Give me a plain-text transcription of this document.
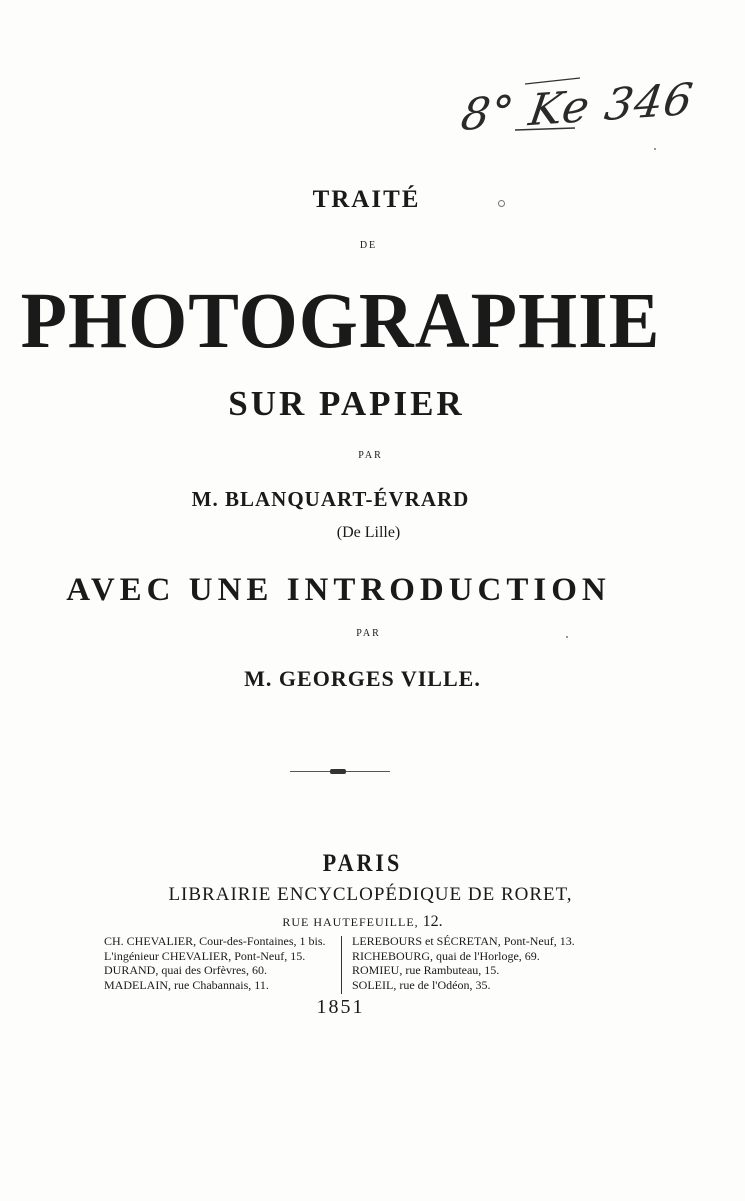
8° Ke 346
TRAITÉ
DE
PHOTOGRAPHIE
SUR PAPIER
PAR
M. BLANQUART-ÉVRARD
(De Lille)
AVEC UNE INTRODUCTION
PAR
M. GEORGES VILLE.
PARIS
LIBRAIRIE ENCYCLOPÉDIQUE DE RORET,
RUE HAUTEFEUILLE, 12.
CH. CHEVALIER, Cour-des-Fontaines, 1 bis.
L'ingénieur CHEVALIER, Pont-Neuf, 15.
DURAND, quai des Orfèvres, 60.
MADELAIN, rue Chabannais, 11.
LEREBOURS et SÉCRETAN, Pont-Neuf, 13.
RICHEBOURG, quai de l'Horloge, 69.
ROMIEU, rue Rambuteau, 15.
SOLEIL, rue de l'Odéon, 35.
1851
